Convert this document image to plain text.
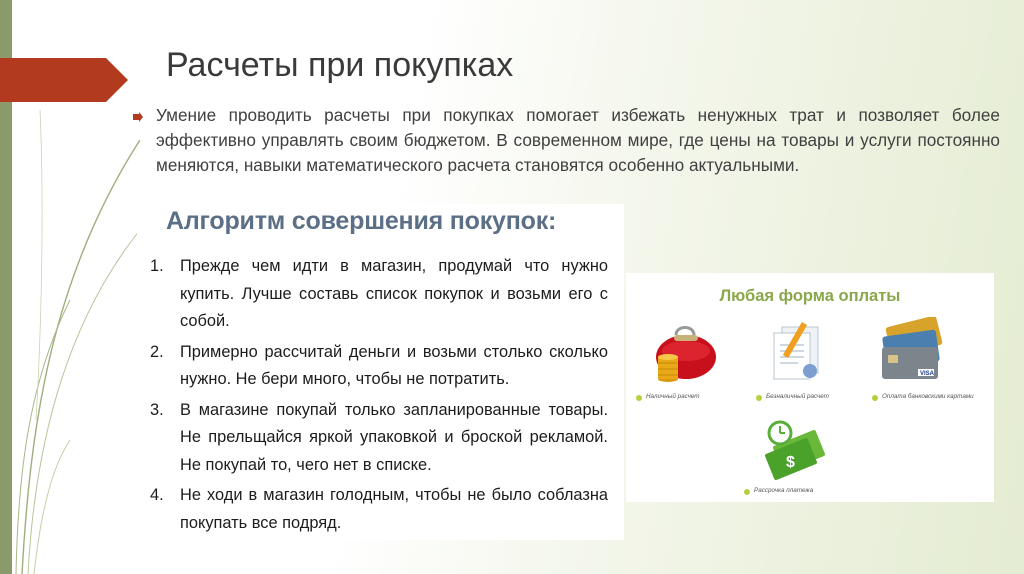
Расчеты при покупках
Умение проводить расчеты при покупках помогает избежать ненужных трат и позволяет более эффективно управлять своим бюджетом. В современном мире, где цены на товары и услуги постоянно меняются, навыки математического расчета становятся особенно актуальными.
Алгоритм совершения покупок:
1. Прежде чем идти в магазин, продумай что нужно купить. Лучше составь список покупок и возьми его с собой.
2. Примерно рассчитай деньги и возьми столько сколько нужно. Не бери много, чтобы не потратить.
3. В магазине покупай только запланированные товары. Не прельщайся яркой упаковкой и броской рекламой. Не покупай то, чего нет в списке.
4. Не ходи в магазин голодным, чтобы не было соблазна покупать все подряд.
Любая форма оплаты
Наличный расчет	Безналичный расчет
VISA
Оплата банковскими картами
$
Рассрочка платежа
